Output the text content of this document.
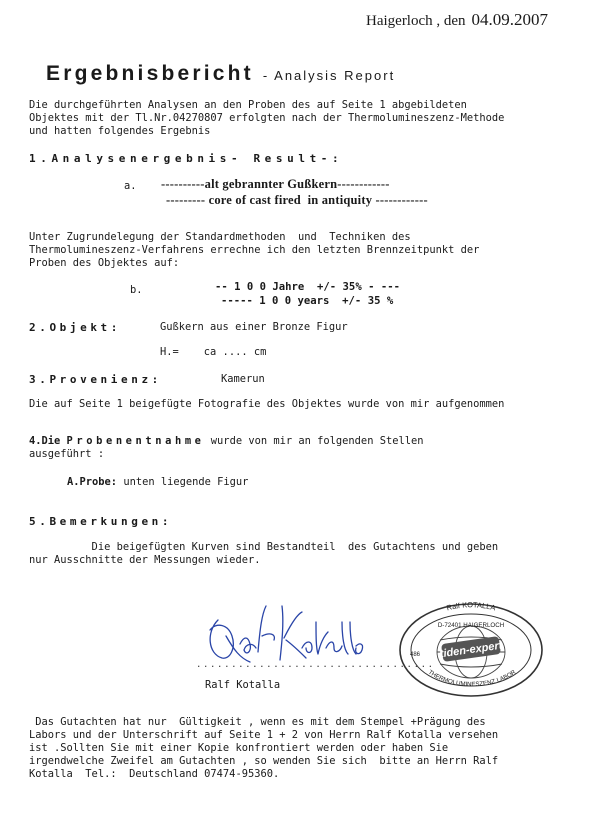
Haigerloch , den 04.09.2007
Ergebnisbericht - Analysis Report
Die durchgeführten Analysen an den Proben des auf Seite 1 abgebildeten
Objektes mit der Tl.Nr.04270807 erfolgten nach der Thermolumineszenz-Methode
und hatten folgendes Ergebnis
1.Analysenergebnis- Result-:
a. ----------alt gebrannter Gußkern------------
--------- core of cast fired  in antiquity ------------
Unter Zugrundelegung der Standardmethoden  und  Techniken des
Thermolumineszenz-Verfahrens errechne ich den letzten Brennzeitpunkt der
Proben des Objektes auf:
b.	-- 1 0 0 Jahre  +/- 35% - ---
----- 1 0 0 years  +/- 35 %
2.Objekt:	Gußkern aus einer Bronze Figur
H.=    ca .... cm
3.Provenienz:	Kamerun
Die auf Seite 1 beigefügte Fotografie des Objektes wurde von mir aufgenommen
4.Die Probenentnahme wurde von mir an folgenden Stellen
ausgeführt :
A.Probe: unten liegende Figur
5.Bemerkungen:
Die beigefügten Kurven sind Bestandteil  des Gutachtens und geben
nur Ausschnitte der Messungen wieder.
..................................
Ralf Kotalla
tiden-expert
Ralf KOTALLA
D-72401 HAIGERLOCH
486
THERMOLUMINESZENZ LABOR
Das Gutachten hat nur  Gültigkeit , wenn es mit dem Stempel +Prägung des
Labors und der Unterschrift auf Seite 1 + 2 von Herrn Ralf Kotalla versehen
ist .Sollten Sie mit einer Kopie konfrontiert werden oder haben Sie
irgendwelche Zweifel am Gutachten , so wenden Sie sich  bitte an Herrn Ralf
Kotalla  Tel.:  Deutschland 07474-95360.
